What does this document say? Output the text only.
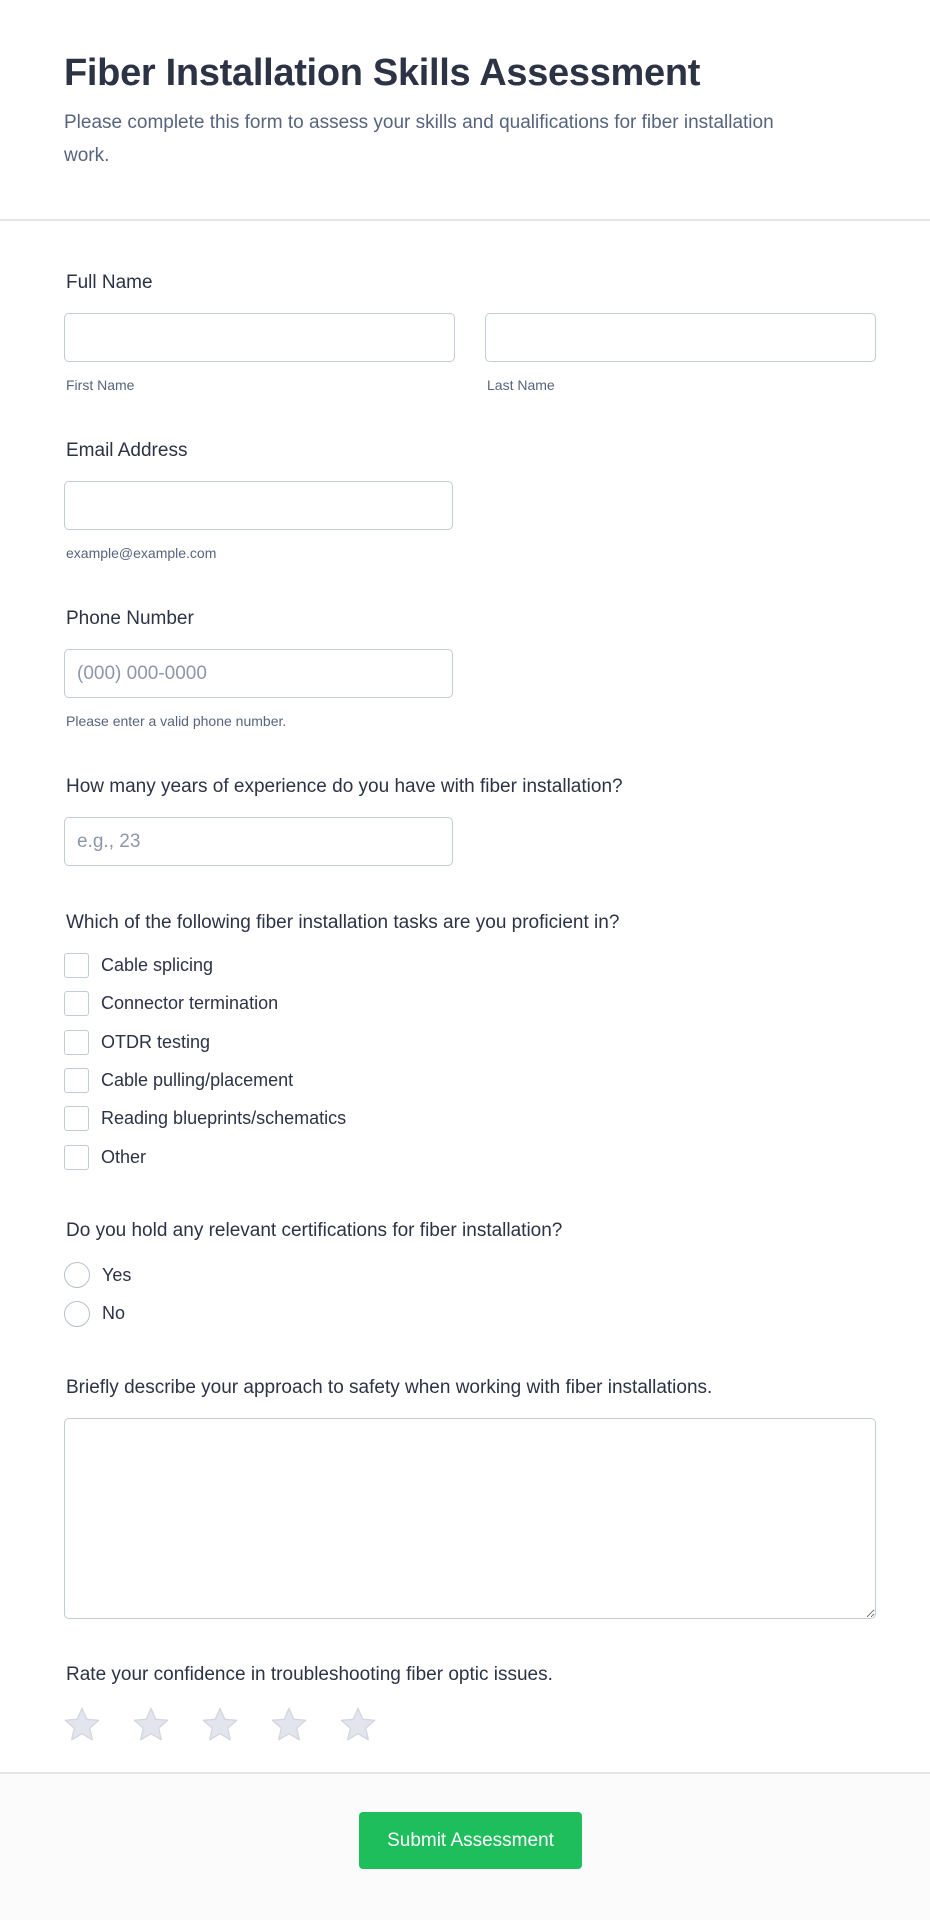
Fiber Installation Skills Assessment

Please complete this form to assess your skills and qualifications for fiber installation work.

Full Name
First Name	Last Name
Email Address
example@example.com
Phone Number
(000) 000-0000
Please enter a valid phone number.
How many years of experience do you have with fiber installation?
e.g., 23
Which of the following fiber installation tasks are you proficient in?
Cable splicing
Connector termination
OTDR testing
Cable pulling/placement
Reading blueprints/schematics
Other
Do you hold any relevant certifications for fiber installation?
Yes
No
Briefly describe your approach to safety when working with fiber installations.
Rate your confidence in troubleshooting fiber optic issues.
Submit Assessment
